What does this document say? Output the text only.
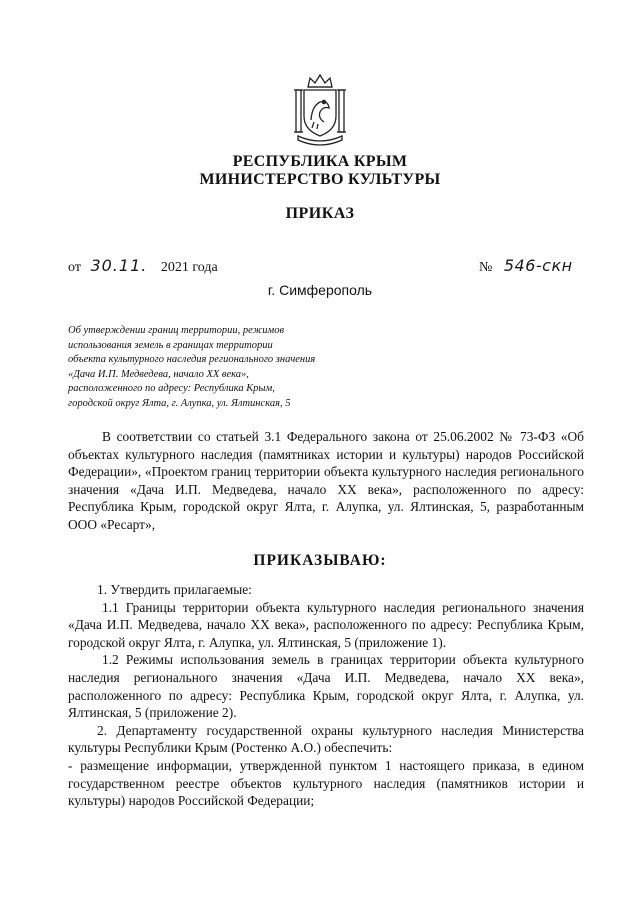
РЕСПУБЛИКА КРЫМ
МИНИСТЕРСТВО КУЛЬТУРЫ
ПРИКАЗ
от 30.11. 2021 года	№ 546-скн
г. Симферополь
Об утверждении границ территории, режимов
использования земель в границах территории
объекта культурного наследия регионального значения
«Дача И.П. Медведева, начало XX века»,
расположенного по адресу: Республика Крым,
городской округ Ялта, г. Алупка, ул. Ялтинская, 5

В соответствии со статьей 3.1 Федерального закона от 25.06.2002 № 73-ФЗ «Об объектах культурного наследия (памятниках истории и культуры) народов Российской Федерации», «Проектом границ территории объекта культурного наследия регионального значения «Дача И.П. Медведева, начало XX века», расположенного по адресу: Республика Крым, городской округ Ялта, г. Алупка, ул. Ялтинская, 5, разработанным ООО «Ресарт»,

ПРИКАЗЫВАЮ:

1. Утвердить прилагаемые:

1.1 Границы территории объекта культурного наследия регионального значения «Дача И.П. Медведева, начало XX века», расположенного по адресу: Республика Крым, городской округ Ялта, г. Алупка, ул. Ялтинская, 5 (приложение 1).

1.2 Режимы использования земель в границах территории объекта культурного наследия регионального значения «Дача И.П. Медведева, начало XX века», расположенного по адресу: Республика Крым, городской округ Ялта, г. Алупка, ул. Ялтинская, 5 (приложение 2).

2. Департаменту государственной охраны культурного наследия Министерства культуры Республики Крым (Ростенко А.О.) обеспечить:

- размещение информации, утвержденной пунктом 1 настоящего приказа, в едином государственном реестре объектов культурного наследия (памятников истории и культуры) народов Российской Федерации;
